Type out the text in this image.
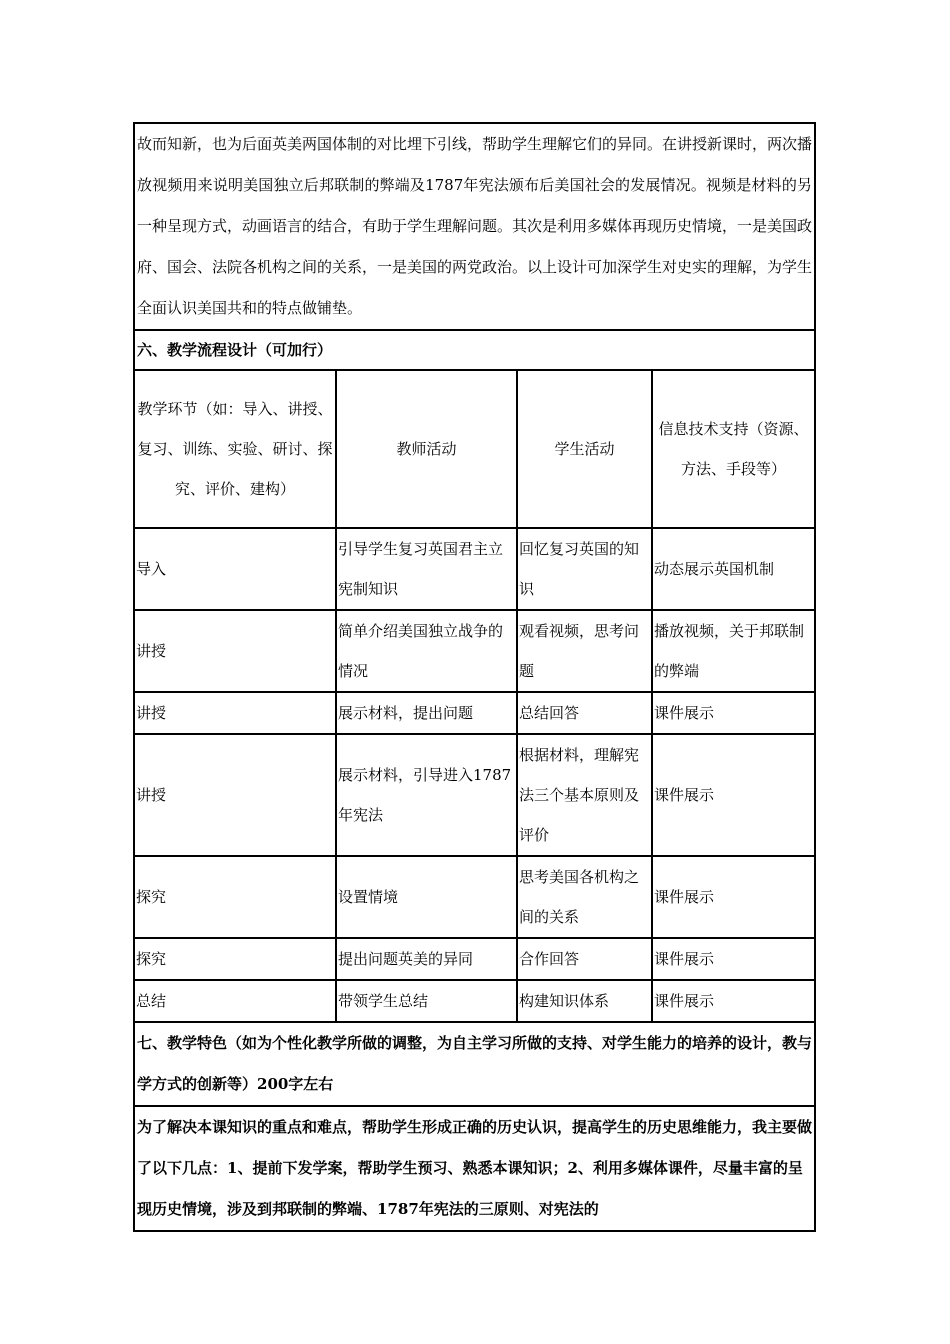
故而知新，也为后面英美两国体制的对比埋下引线，帮助学生理解它们的异同。在讲授新课时，两次播放视频用来说明美国独立后邦联制的弊端及1787年宪法颁布后美国社会的发展情况。视频是材料的另一种呈现方式，动画语言的结合，有助于学生理解问题。其次是利用多媒体再现历史情境，一是美国政府、国会、法院各机构之间的关系，一是美国的两党政治。以上设计可加深学生对史实的理解，为学生全面认识美国共和的特点做铺垫。			
六、教学流程设计（可加行）			
教学环节（如：导入、讲授、复习、训练、实验、研讨、探究、评价、建构）	教师活动	学生活动	信息技术支持（资源、方法、手段等）
导入	引导学生复习英国君主立宪制知识	回忆复习英国的知识	动态展示英国机制
讲授	简单介绍美国独立战争的情况	观看视频，思考问题	播放视频，关于邦联制的弊端
讲授	展示材料，提出问题	总结回答	课件展示
讲授	展示材料，引导进入1787年宪法	根据材料，理解宪法三个基本原则及评价	课件展示
探究	设置情境	思考美国各机构之间的关系	课件展示
探究	提出问题英美的异同	合作回答	课件展示
总结	带领学生总结	构建知识体系	课件展示
七、教学特色（如为个性化教学所做的调整，为自主学习所做的支持、对学生能力的培养的设计，教与学方式的创新等）200字左右			
为了解决本课知识的重点和难点，帮助学生形成正确的历史认识，提高学生的历史思维能力，我主要做了以下几点：1、提前下发学案，帮助学生预习、熟悉本课知识；2、利用多媒体课件，尽量丰富的呈现历史情境，涉及到邦联制的弊端、1787年宪法的三原则、对宪法的			
